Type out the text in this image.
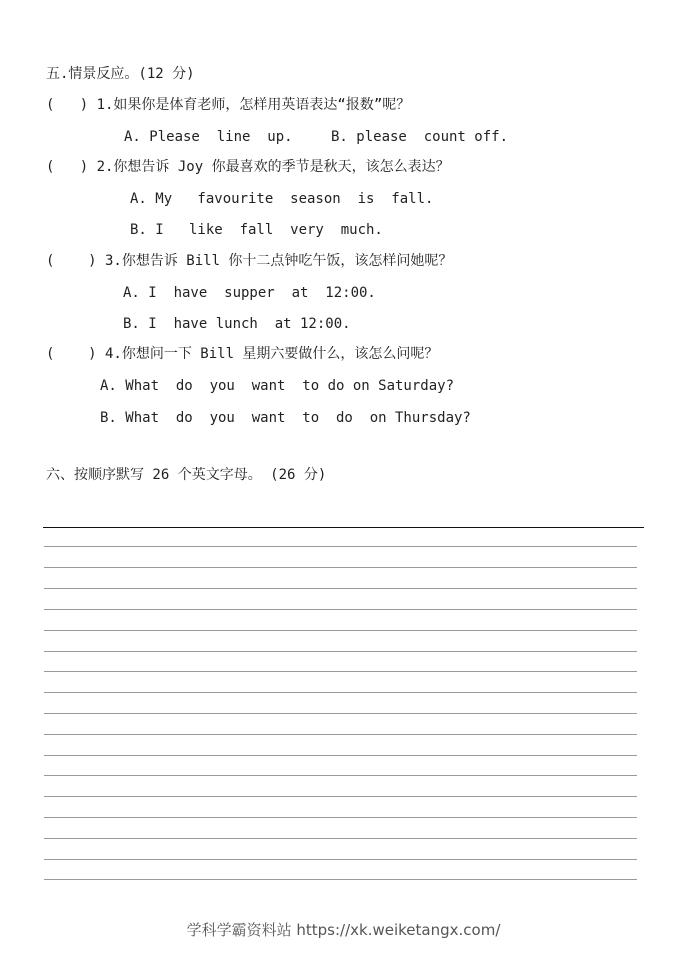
五.情景反应。(12 分)
(   ) 1.如果你是体育老师，怎样用英语表达“报数”呢？
A. Please  line  up.	B. please  count off.
(   ) 2.你想告诉 Joy 你最喜欢的季节是秋天，该怎么表达？
A. My   favourite  season  is  fall.
B. I   like  fall  very  much.
(    ) 3.你想告诉 Bill 你十二点钟吃午饭，该怎样问她呢？
A. I  have  supper  at  12:00.
B. I  have lunch  at 12:00.
(    ) 4.你想问一下 Bill 星期六要做什么，该怎么问呢？
A. What  do  you  want  to do on Saturday?
B. What  do  you  want  to  do  on Thursday?
六、按顺序默写 26 个英文字母。 (26 分)
学科学霸资料站 https://xk.weiketangx.com/
